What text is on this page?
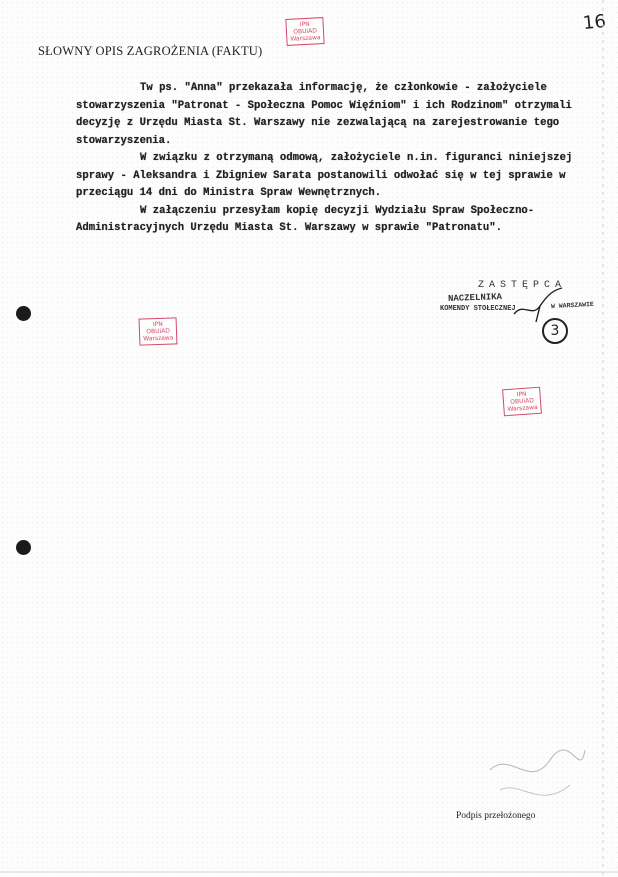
16
SŁOWNY OPIS ZAGROŻENIA (FAKTU)
IPN
OBUiAD
Warszawa
IPN
OBUiAD
Warszawa
IPN
OBUiAD
Warszawa

Tw ps. "Anna" przekazała informację, że członkowie - założyciele stowarzyszenia "Patronat - Społeczna Pomoc Więźniom" i ich Rodzinom" otrzymali decyzję z Urzędu Miasta St. Warszawy nie zezwalającą na zarejestrowanie tego stowarzyszenia.

W związku z otrzymaną odmową, założyciele n.in. figuranci niniejszej sprawy - Aleksandra i Zbigniew Sarata postanowili odwołać się w tej sprawie w przeciągu 14 dni do Ministra Spraw Wewnętrznych.

W załączeniu przesyłam kopię decyzji Wydziału Spraw Społeczno-Administracyjnych Urzędu Miasta St. Warszawy w sprawie "Patronatu".

ZASTĘPCA
NACZELNIKA
KOMENDY STOŁECZNEJ	W WARSZAWIE
3
Podpis przełożonego
